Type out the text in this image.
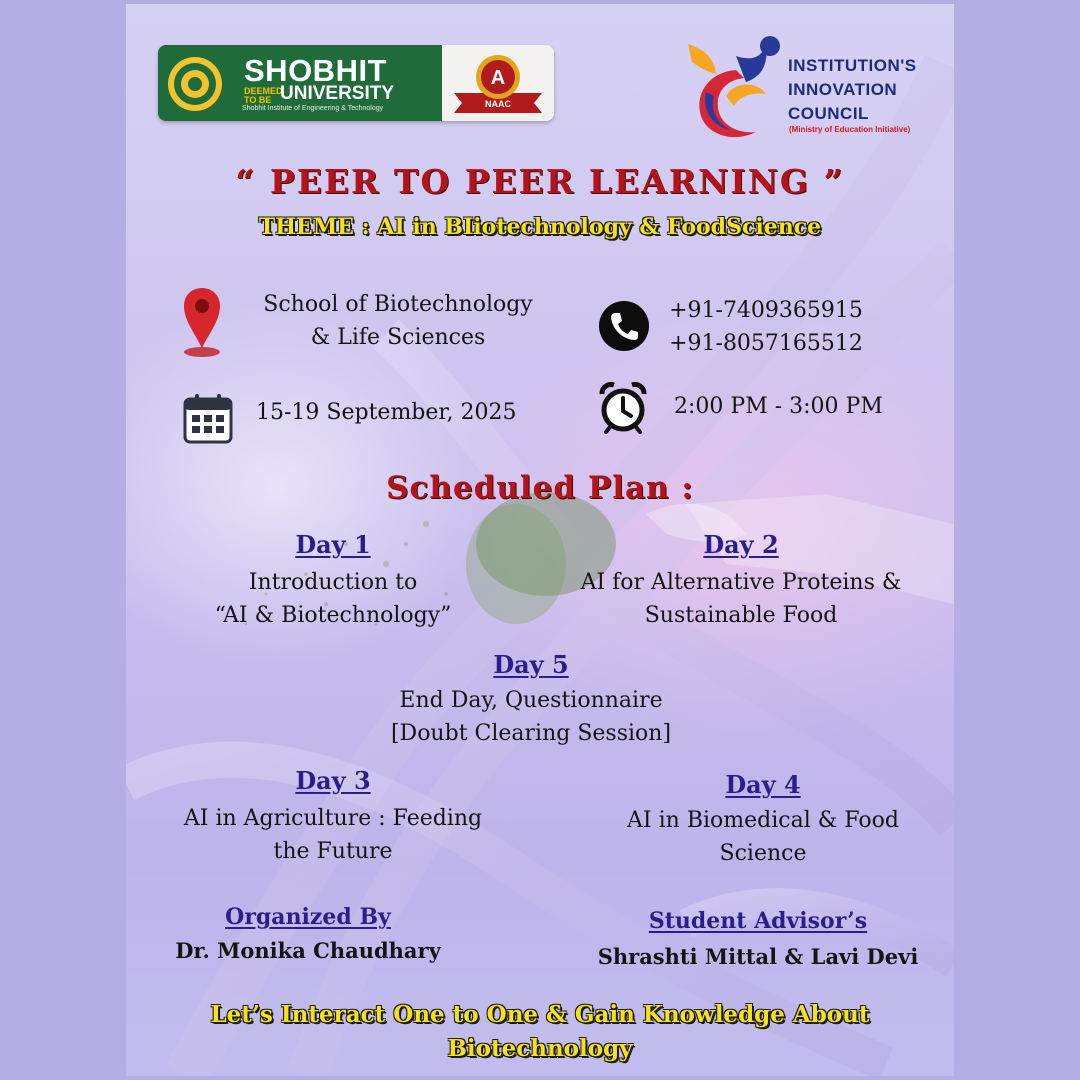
SHOBHIT
DEEMED
TO BE UNIVERSITY
Shobhit Institute of Engineering & Technology
A
NAAC
INSTITUTION'S
INNOVATION
COUNCIL
(Ministry of Education Initiative)
“ PEER TO PEER LEARNING ”
THEME : AI in BIiotechnology & FoodScience
School of Biotechnology
& Life Sciences
+91-7409365915
+91-8057165512
15-19 September, 2025	2:00 PM - 3:00 PM
Scheduled Plan :
Day 1
Introduction to
“AI & Biotechnology”
Day 2
AI for Alternative Proteins &
Sustainable Food
Day 5
End Day, Questionnaire
[Doubt Clearing Session]
Day 3
AI in Agriculture : Feeding
the Future
Day 4
AI in Biomedical & Food
Science
Organized By
Dr. Monika Chaudhary
Student Advisor’s
Shrashti Mittal & Lavi Devi
Let’s Interact One to One & Gain Knowledge About
Biotechnology
